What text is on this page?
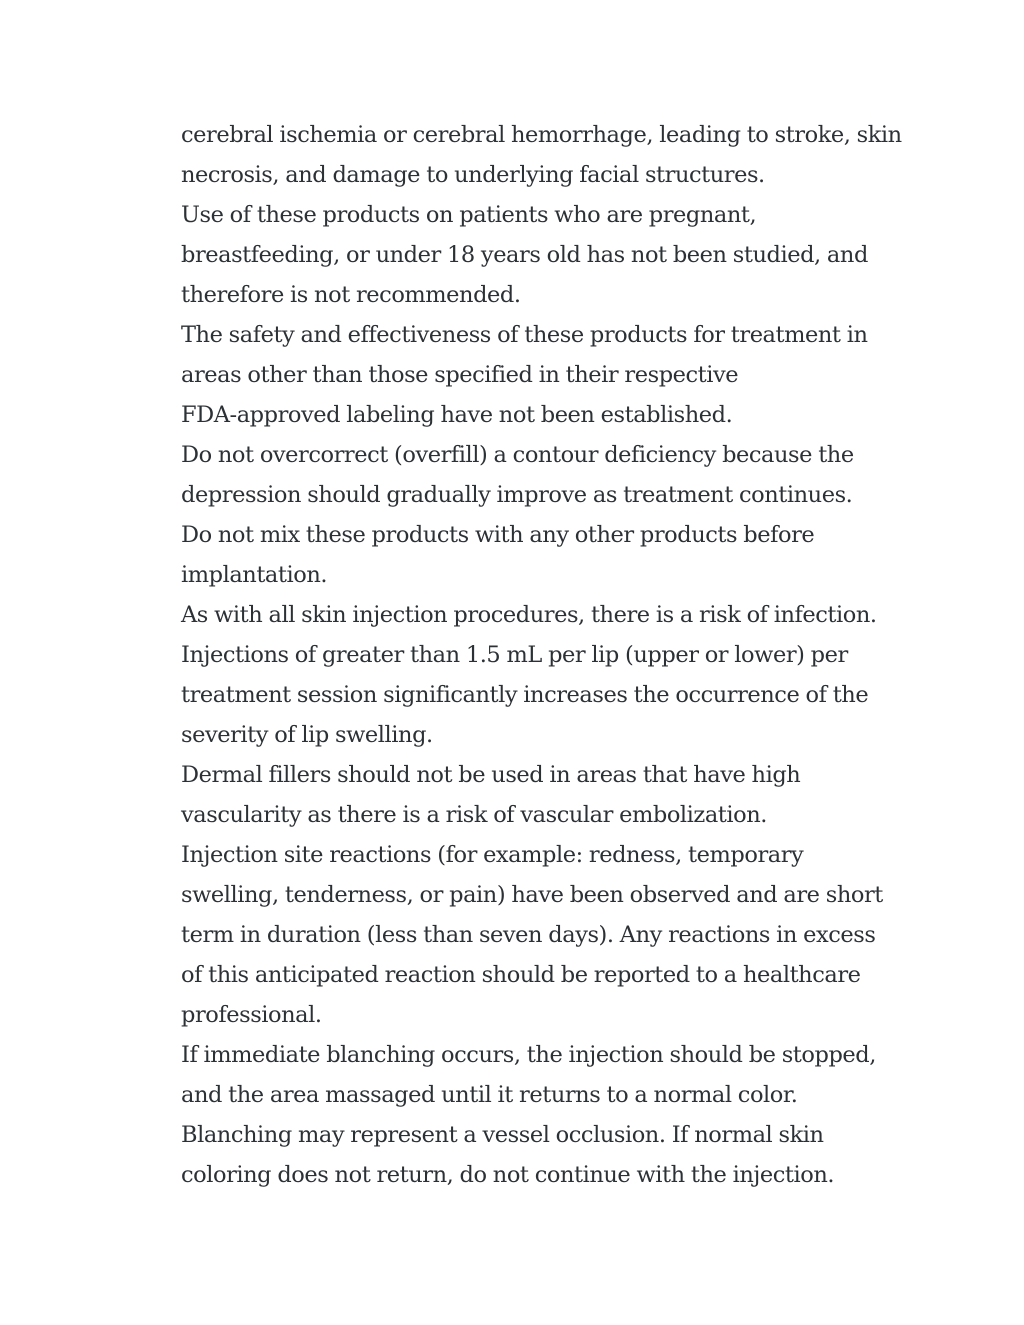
cerebral ischemia or cerebral hemorrhage, leading to stroke, skin
necrosis, and damage to underlying facial structures.

Use of these products on patients who are pregnant,
breastfeeding, or under 18 years old has not been studied, and
therefore is not recommended.

The safety and effectiveness of these products for treatment in
areas other than those specified in their respective
FDA-approved labeling have not been established.

Do not overcorrect (overfill) a contour deficiency because the
depression should gradually improve as treatment continues.

Do not mix these products with any other products before
implantation.

As with all skin injection procedures, there is a risk of infection.

Injections of greater than 1.5 mL per lip (upper or lower) per
treatment session significantly increases the occurrence of the
severity of lip swelling.

Dermal fillers should not be used in areas that have high
vascularity as there is a risk of vascular embolization.

Injection site reactions (for example: redness, temporary
swelling, tenderness, or pain) have been observed and are short
term in duration (less than seven days). Any reactions in excess
of this anticipated reaction should be reported to a healthcare
professional.

If immediate blanching occurs, the injection should be stopped,
and the area massaged until it returns to a normal color.
Blanching may represent a vessel occlusion. If normal skin
coloring does not return, do not continue with the injection.
